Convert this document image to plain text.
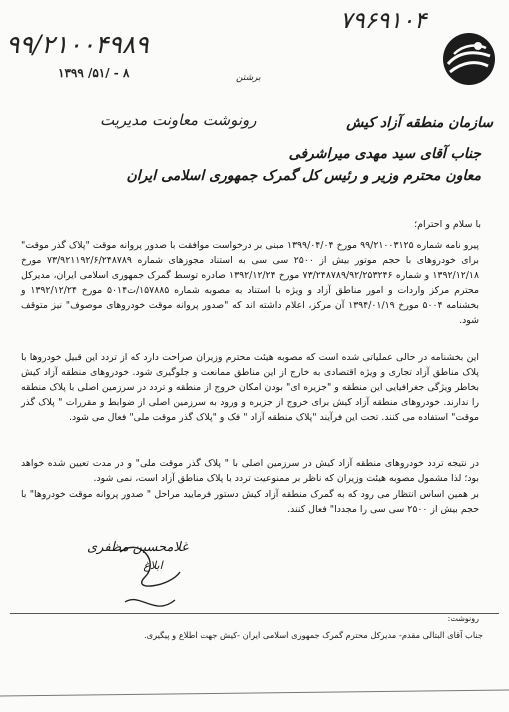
۹۹/۲۱۰۰۴۹۸۹
۷۹۶۹۱۰۴
۱۳۹۹ /۵۱/ - ۸	برشتن
رونوشت معاونت مدیریت	سازمان منطقه آزاد کیش
جناب آقای سید مهدی میراشرفی
معاون محترم وزیر و رئیس کل گمرک جمهوری اسلامی ایران
با سلام و احترام؛
پیرو نامه شماره ۹۹/۲۱۰۰۳۱۲۵ مورخ ۱۳۹۹/۰۴/۰۴ مبنی بر درخواست موافقت با صدور پروانه موقت "پلاک گذر موقت" برای خودروهای با حجم موتور بیش از ۲۵۰۰ سی سی به استناد مجوزهای شماره ۷۳/۹۲۱۱۹۲/۶/۲۴۸۷۸۹ مورخ ۱۳۹۲/۱۲/۱۸ و شماره ۷۳/۲۴۸۷۸۹/۹۲/۲۵۳۲۴۶ مورخ ۱۳۹۲/۱۲/۲۴ صادره توسط گمرک جمهوری اسلامی ایران، مدیرکل محترم مرکز واردات و امور مناطق آزاد و ویژه با استناد به مصوبه شماره ۱۵۷۸۸۵/ت۵۰۱۴ مورخ ۱۳۹۲/۱۲/۲۴ و بخشنامه ۵۰۰۴ مورخ ۱۳۹۴/۰۱/۱۹ آن مرکز، اعلام داشته اند که "صدور پروانه موقت خودروهای موصوف" نیز متوقف شود.
این بخشنامه در حالی عملیاتی شده است که مصوبه هیئت محترم وزیران صراحت دارد که از تردد این قبیل خودروها با پلاک مناطق آزاد تجاری و ویژه اقتصادی به خارج از این مناطق ممانعت و جلوگیری شود. خودروهای منطقه آزاد کیش بخاطر ویژگی جغرافیایی این منطقه و "جزیره ای" بودن امکان خروج از منطقه و تردد در سرزمین اصلی با پلاک منطقه را ندارند. خودروهای منطقه آزاد کیش برای خروج از جزیره و ورود به سرزمین اصلی از ضوابط و مقررات " پلاک گذر موقت" استفاده می کنند. تحت این فرآیند "پلاک منطقه آزاد " فک و "پلاک گذر موقت ملی" فعال می شود.
در نتیجه تردد خودروهای منطقه آزاد کیش در سرزمین اصلی با " پلاک گذر موقت ملی" و در مدت تعیین شده خواهد بود؛ لذا مشمول مصوبه هیئت وزیران که ناظر بر ممنوعیت تردد با پلاک مناطق آزاد است، نمی شود.
بر همین اساس انتظار می رود که به گمرک منطقه آزاد کیش دستور فرمایید مراحل " صدور پروانه موقت خودروها" با حجم بیش از ۲۵۰۰ سی سی را مجددا" فعال کنند.
غلامحسین مظفری
ابلاغ
رونوشت:
جناب آقای البتالی مقدم- مدیرکل محترم گمرک جمهوری اسلامی ایران -کیش جهت اطلاع و پیگیری.
